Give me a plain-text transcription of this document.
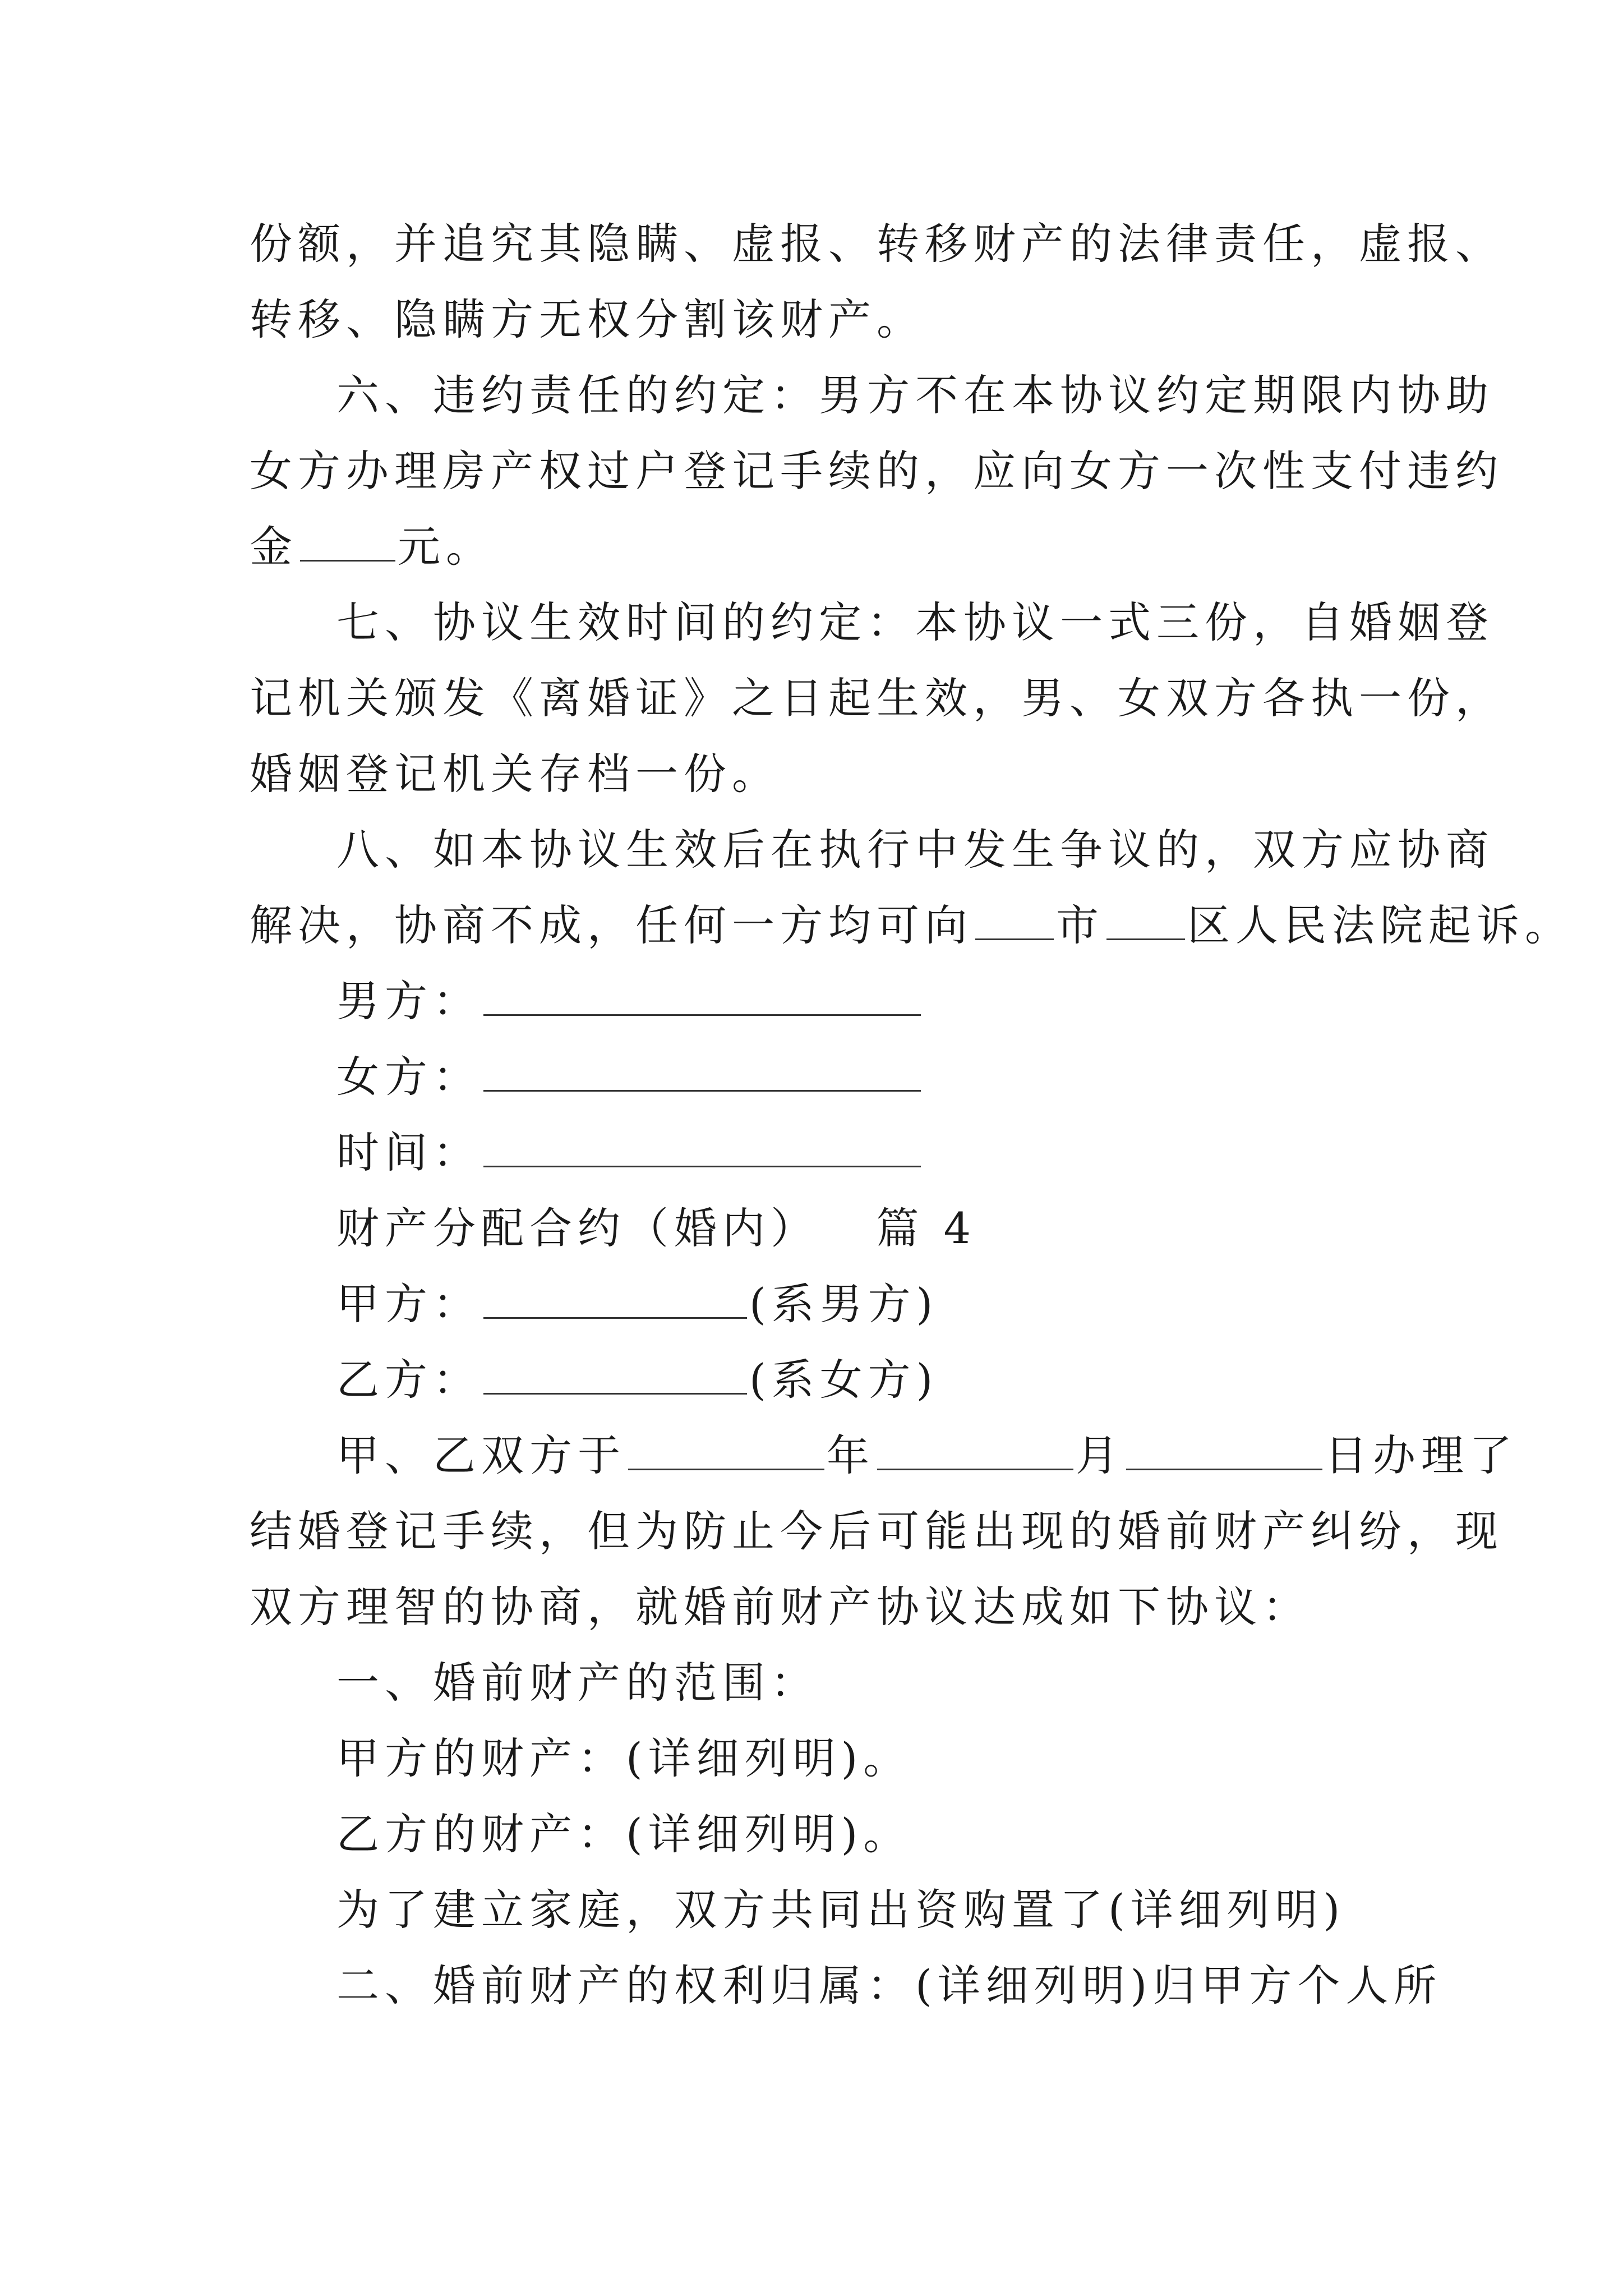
份额，并追究其隐瞒、虚报、转移财产的法律责任，虚报、
转移、隐瞒方无权分割该财产。
六、违约责任的约定：男方不在本协议约定期限内协助
女方办理房产权过户登记手续的，应向女方一次性支付违约
金 元。
七、协议生效时间的约定：本协议一式三份，自婚姻登
记机关颁发《离婚证》之日起生效，男、女双方各执一份，
婚姻登记机关存档一份。
八、如本协议生效后在执行中发生争议的，双方应协商
解决，协商不成，任何一方均可向 市 区人民法院起诉。
男方：
女方：
时间：
财产分配合约（婚内）   篇 4
甲方：	(系男方)
乙方：	(系女方)
甲、乙双方于	年	月	日办理了
结婚登记手续，但为防止今后可能出现的婚前财产纠纷，现
双方理智的协商，就婚前财产协议达成如下协议：
一、婚前财产的范围：
甲方的财产：(详细列明)。
乙方的财产：(详细列明)。
为了建立家庭，双方共同出资购置了(详细列明)
二、婚前财产的权利归属：(详细列明)归甲方个人所
